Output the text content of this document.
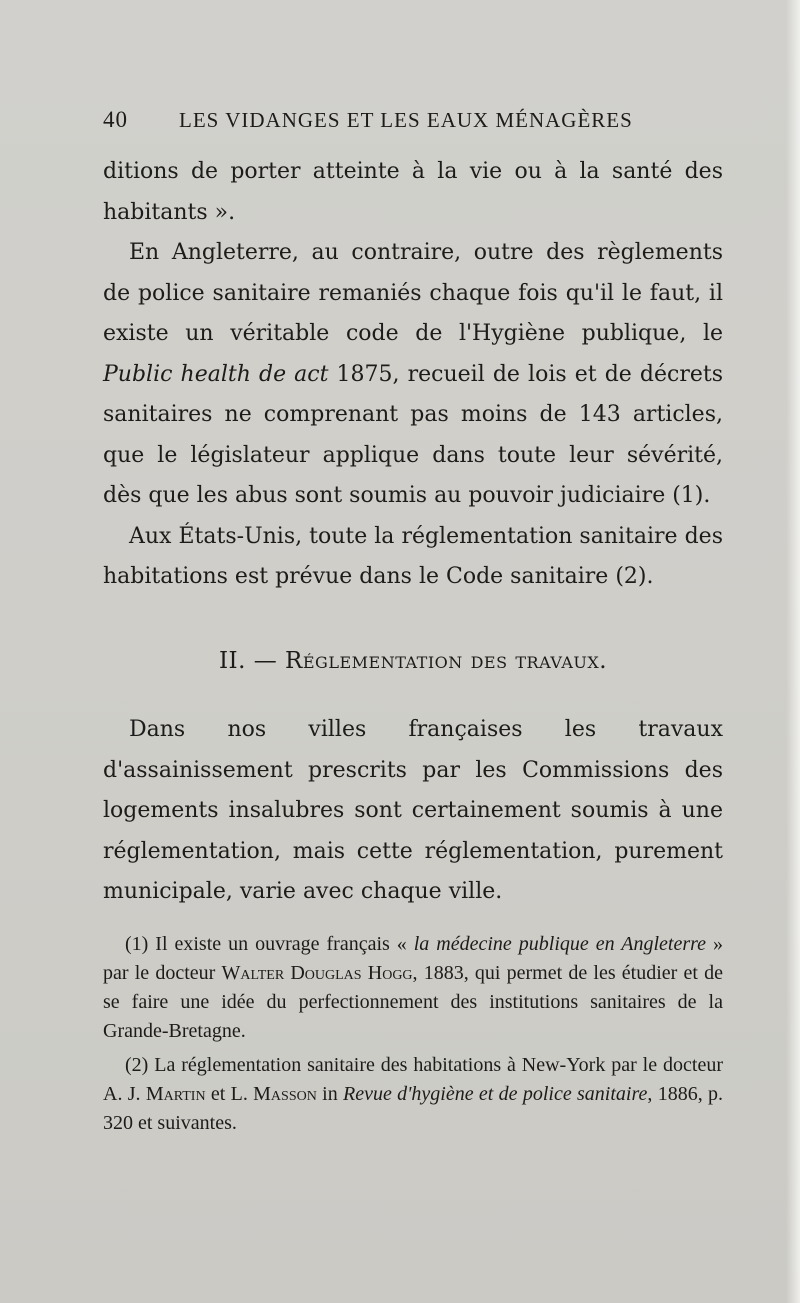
40 LES VIDANGES ET LES EAUX MÉNAGÈRES

ditions de porter atteinte à la vie ou à la santé des habitants ».

En Angleterre, au contraire, outre des règlements de police sanitaire remaniés chaque fois qu'il le faut, il existe un véritable code de l'Hygiène publique, le Public health de act 1875, recueil de lois et de décrets sanitaires ne comprenant pas moins de 143 articles, que le législateur applique dans toute leur sévérité, dès que les abus sont soumis au pouvoir judiciaire (1).

Aux États-Unis, toute la réglementation sanitaire des habitations est prévue dans le Code sanitaire (2).

II. — Réglementation des travaux.

Dans nos villes françaises les travaux d'assainissement prescrits par les Commissions des logements insalubres sont certainement soumis à une réglementation, mais cette réglementation, purement municipale, varie avec chaque ville.

(1) Il existe un ouvrage français « la médecine publique en Angleterre » par le docteur Walter Douglas Hogg, 1883, qui permet de les étudier et de se faire une idée du perfectionnement des institutions sanitaires de la Grande-Bretagne.

(2) La réglementation sanitaire des habitations à New-York par le docteur A. J. Martin et L. Masson in Revue d'hygiène et de police sanitaire, 1886, p. 320 et suivantes.
